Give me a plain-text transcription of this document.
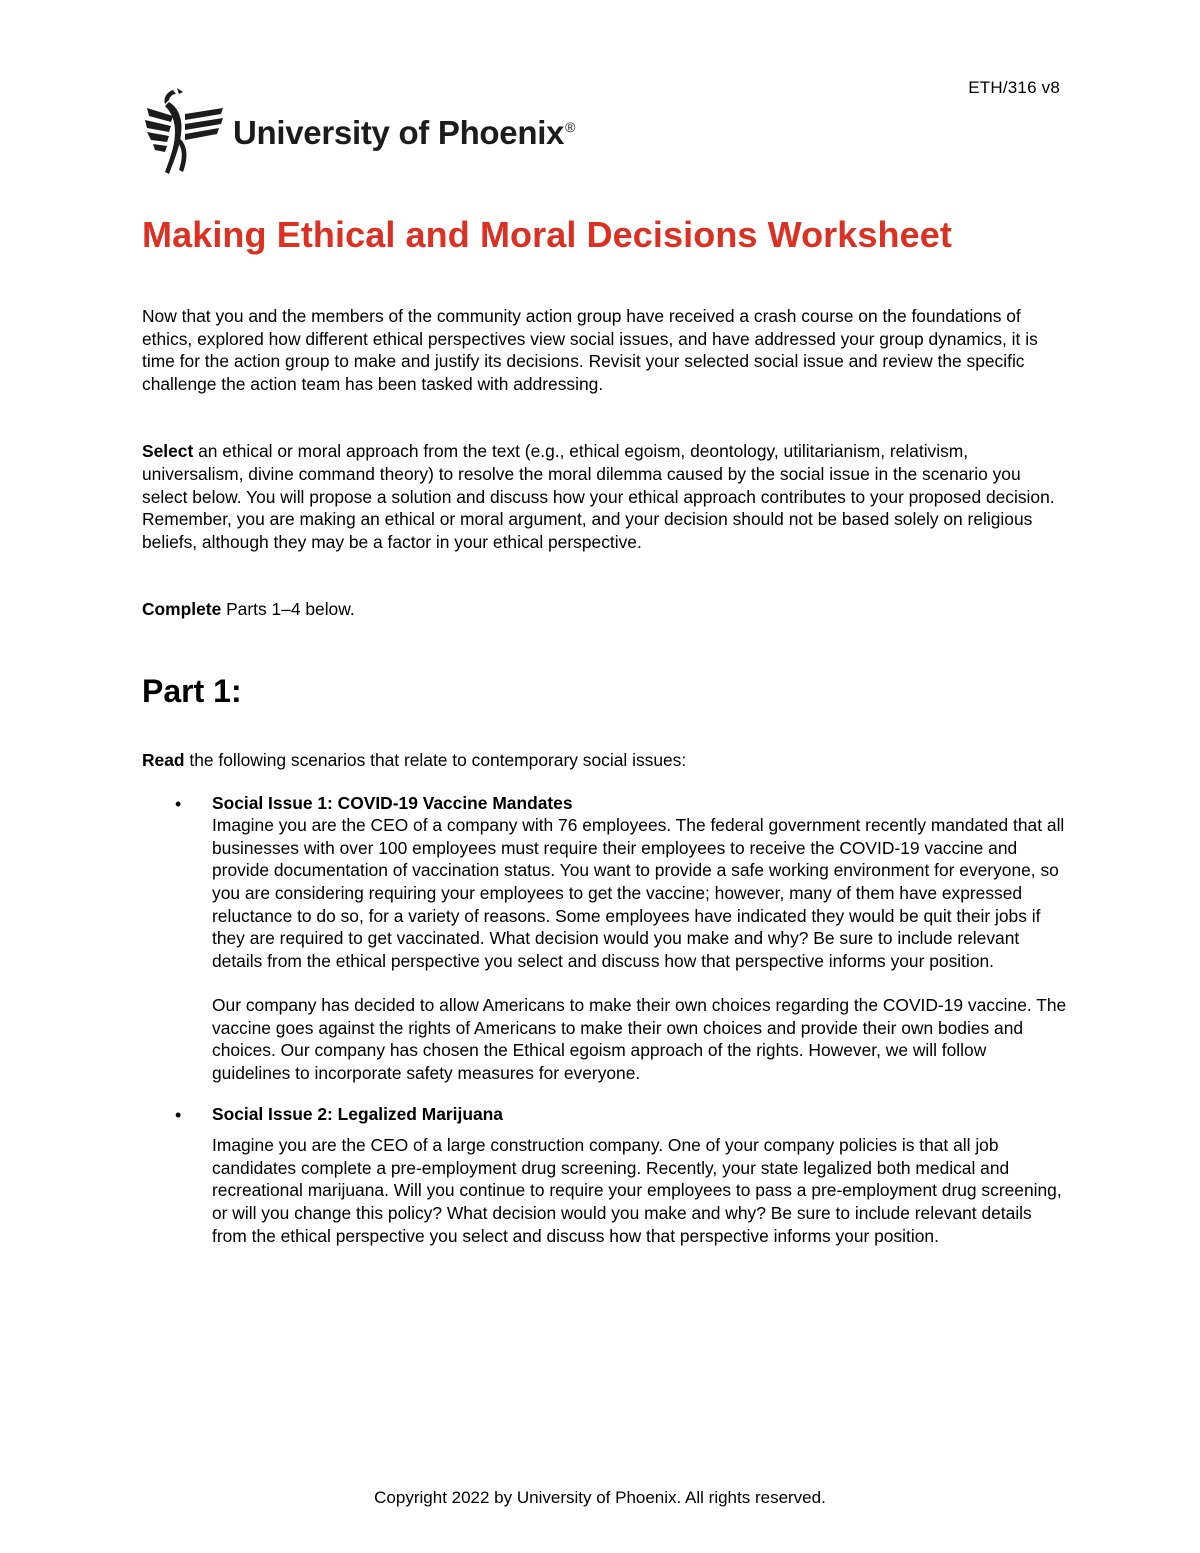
ETH/316 v8
University of Phoenix®
Making Ethical and Moral Decisions Worksheet

Now that you and the members of the community action group have received a crash course on the foundations of ethics, explored how different ethical perspectives view social issues, and have addressed your group dynamics, it is time for the action group to make and justify its decisions. Revisit your selected social issue and review the specific challenge the action team has been tasked with addressing.

Select an ethical or moral approach from the text (e.g., ethical egoism, deontology, utilitarianism, relativism, universalism, divine command theory) to resolve the moral dilemma caused by the social issue in the scenario you select below. You will propose a solution and discuss how your ethical approach contributes to your proposed decision. Remember, you are making an ethical or moral argument, and your decision should not be based solely on religious beliefs, although they may be a factor in your ethical perspective.

Complete Parts 1–4 below.

Part 1:

Read the following scenarios that relate to contemporary social issues:

• Social Issue 1: COVID-19 Vaccine Mandates
Imagine you are the CEO of a company with 76 employees. The federal government recently mandated that all businesses with over 100 employees must require their employees to receive the COVID-19 vaccine and provide documentation of vaccination status. You want to provide a safe working environment for everyone, so you are considering requiring your employees to get the vaccine; however, many of them have expressed reluctance to do so, for a variety of reasons. Some employees have indicated they would be quit their jobs if they are required to get vaccinated. What decision would you make and why? Be sure to include relevant details from the ethical perspective you select and discuss how that perspective informs your position.
Our company has decided to allow Americans to make their own choices regarding the COVID-19 vaccine. The vaccine goes against the rights of Americans to make their own choices and provide their own bodies and choices. Our company has chosen the Ethical egoism approach of the rights. However, we will follow guidelines to incorporate safety measures for everyone.
• Social Issue 2: Legalized Marijuana
Imagine you are the CEO of a large construction company. One of your company policies is that all job candidates complete a pre-employment drug screening. Recently, your state legalized both medical and recreational marijuana. Will you continue to require your employees to pass a pre-employment drug screening, or will you change this policy? What decision would you make and why? Be sure to include relevant details from the ethical perspective you select and discuss how that perspective informs your position.
Copyright 2022 by University of Phoenix. All rights reserved.
